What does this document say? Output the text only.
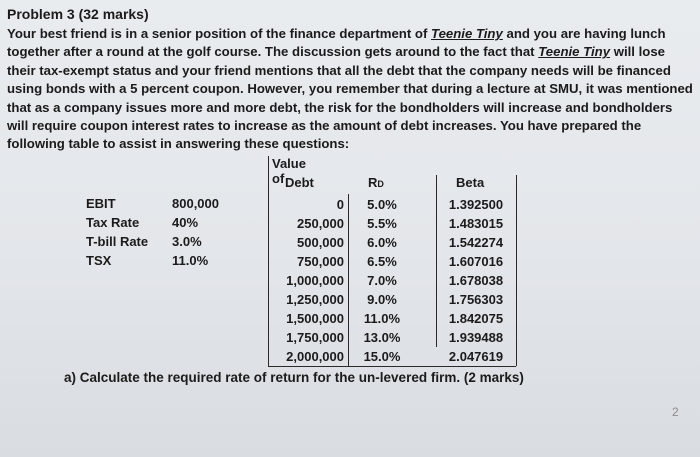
Problem 3 (32 marks)
Your best friend is in a senior position of the finance department of Teenie Tiny and you are having lunch together after a round at the golf course. The discussion gets around to the fact that Teenie Tiny will lose their tax-exempt status and your friend mentions that all the debt that the company needs will be financed using bonds with a 5 percent coupon. However, you remember that during a lecture at SMU, it was mentioned that as a company issues more and more debt, the risk for the bondholders will increase and bondholders will require coupon interest rates to increase as the amount of debt increases. You have prepared the following table to assist in answering these questions:
EBIT	800,000
Tax Rate	40%
T-bill Rate	3.0%
TSX	11.0%
Value of Debt	RD	Beta
0	5.0%	1.392500
250,000	5.5%	1.483015
500,000	6.0%	1.542274
750,000	6.5%	1.607016
1,000,000	7.0%	1.678038
1,250,000	9.0%	1.756303
1,500,000	11.0%	1.842075
1,750,000	13.0%	1.939488
2,000,000	15.0%	2.047619
a) Calculate the required rate of return for the un-levered firm. (2 marks)
2
